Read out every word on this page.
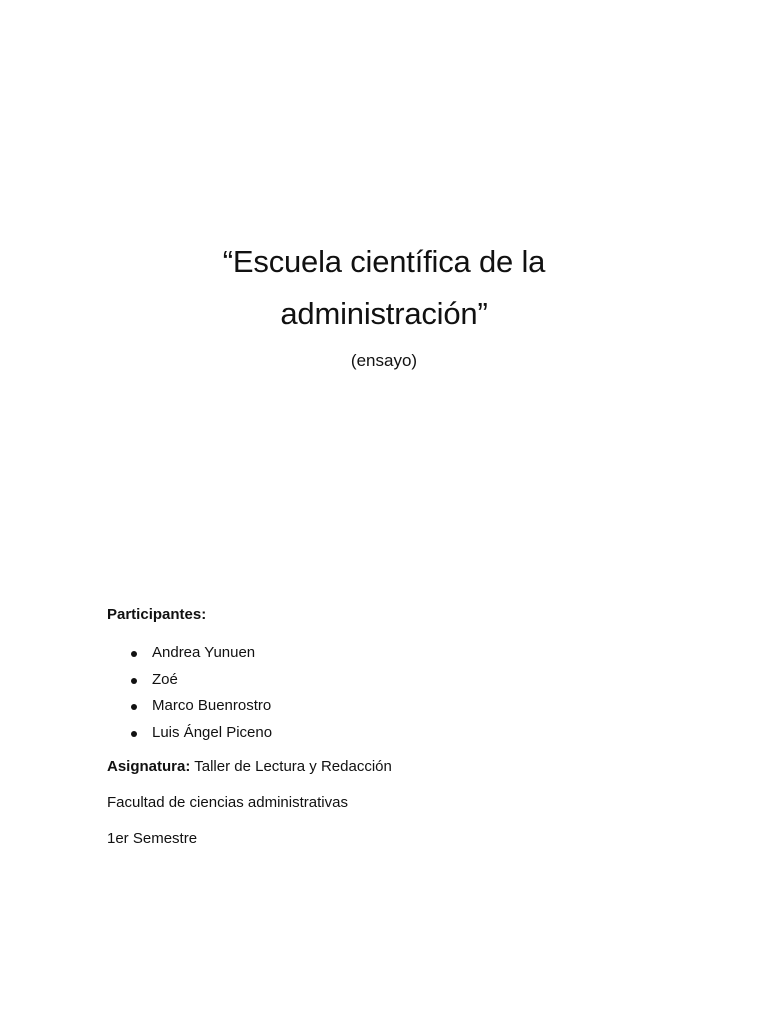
“Escuela científica de la

administración”

(ensayo)

Participantes:

Andrea Yunuen
Zoé
Marco Buenrostro
Luis Ángel Piceno

Asignatura: Taller de Lectura y Redacción

Facultad de ciencias administrativas

1er Semestre
